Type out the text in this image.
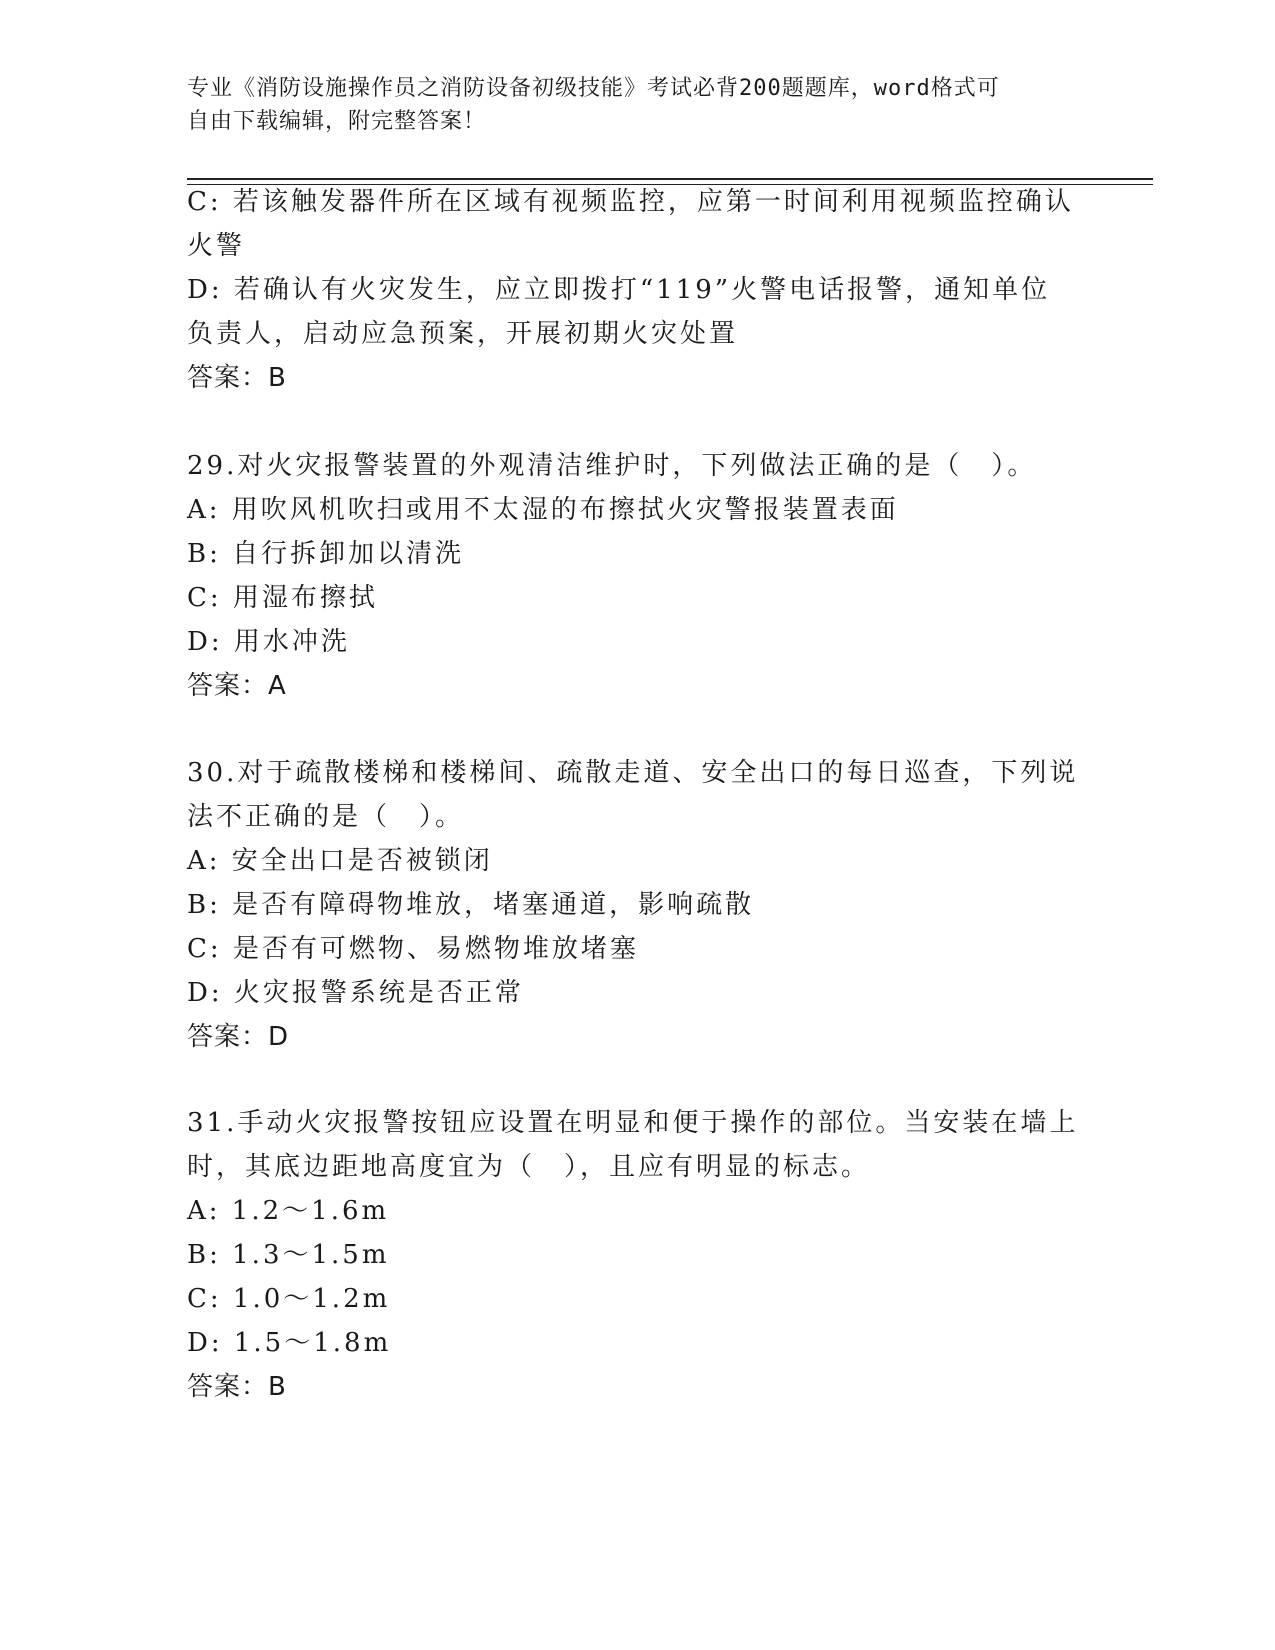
专业《消防设施操作员之消防设备初级技能》考试必背200题题库，word格式可
自由下载编辑，附完整答案！
C: 若该触发器件所在区域有视频监控，应第一时间利用视频监控确认
火警
D: 若确认有火灾发生，应立即拨打“119”火警电话报警，通知单位
负责人，启动应急预案，开展初期火灾处置
答案：B
29.对火灾报警装置的外观清洁维护时，下列做法正确的是（　）。
A: 用吹风机吹扫或用不太湿的布擦拭火灾警报装置表面
B: 自行拆卸加以清洗
C: 用湿布擦拭
D: 用水冲洗
答案：A
30.对于疏散楼梯和楼梯间、疏散走道、安全出口的每日巡查，下列说
法不正确的是（　）。
A: 安全出口是否被锁闭
B: 是否有障碍物堆放，堵塞通道，影响疏散
C: 是否有可燃物、易燃物堆放堵塞
D: 火灾报警系统是否正常
答案：D
31.手动火灾报警按钮应设置在明显和便于操作的部位。当安装在墙上
时，其底边距地高度宜为（　），且应有明显的标志。
A: 1.2～1.6m
B: 1.3～1.5m
C: 1.0～1.2m
D: 1.5～1.8m
答案：B
